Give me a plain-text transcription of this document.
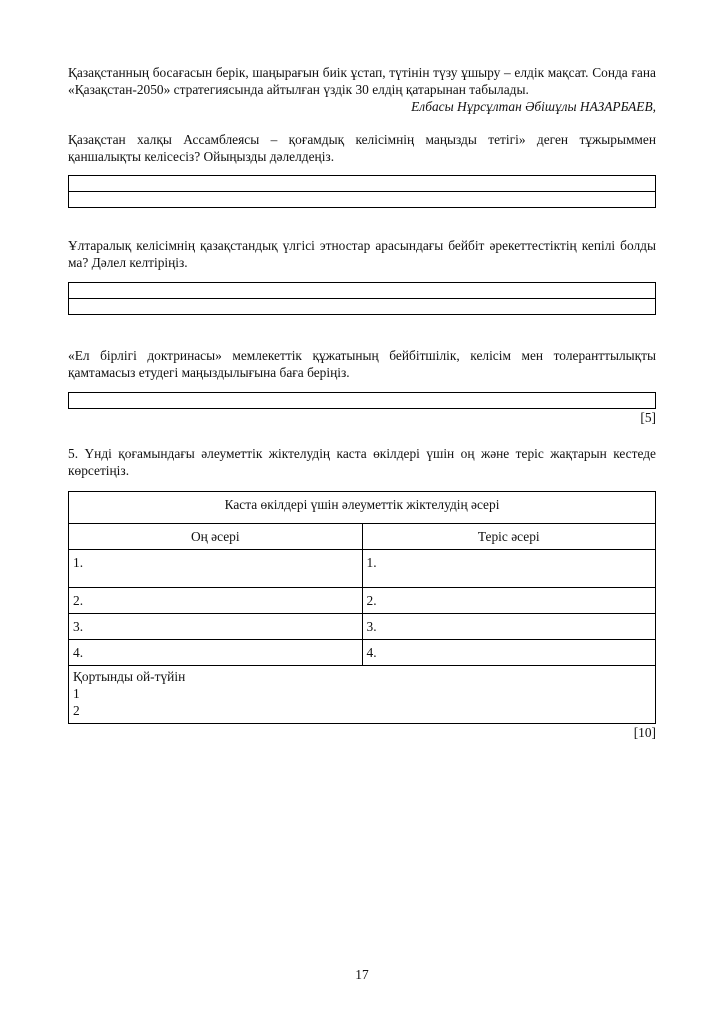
Қазақстанның босағасын берік, шаңырағын биік ұстап, түтінін түзу ұшыру – елдік мақсат. Сонда ғана «Қазақстан-2050» стратегиясында айтылған үздік 30 елдің қатарынан табылады.

Елбасы Нұрсұлтан Әбішұлы НАЗАРБАЕВ,

Қазақстан халқы Ассамблеясы – қоғамдық келісімнің маңызды тетігі» деген тұжырыммен қаншалықты келісесіз? Ойыңызды дәлелдеңіз.

Ұлтаралық келісімнің қазақстандық үлгісі этностар арасындағы бейбіт әрекеттестіктің кепілі болды ма? Дәлел келтіріңіз.

«Ел бірлігі доктринасы» мемлекеттік құжатының бейбітшілік, келісім мен толеранттылықты қамтамасыз етудегі маңыздылығына баға беріңіз.

[5]

5. Үнді қоғамындағы әлеуметтік жіктелудің каста өкілдері үшін оң және теріс жақтарын кестеде көрсетіңіз.

Каста өкілдері үшін әлеуметтік жіктелудің әсері	
Оң әсері	Теріс әсері
1.	1.
2.	2.
3.	3.
4.	4.

Қортынды ой-түйін
1
2	

[10]

17
